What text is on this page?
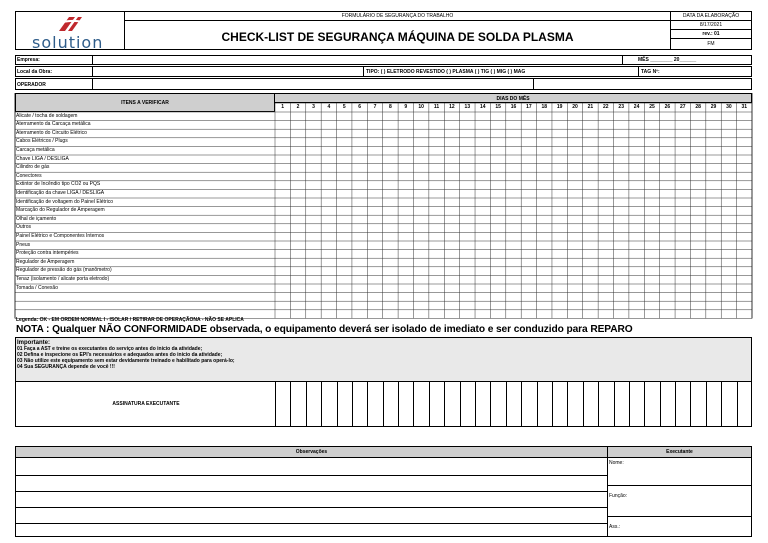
solution
FORMULÁRIO DE SEGURANÇA DO TRABALHO
CHECK-LIST DE SEGURANÇA MÁQUINA DE SOLDA PLASMA
DATA DA ELABORAÇÃO
8/17/2021
rev.: 01
FM
Empresa:	MÊS ________ 20______
Local da Obra:	TIPO: ( ) ELETRODO REVESTIDO ( ) PLASMA ( ) TIG ( ) MIG ( ) MAG	TAG Nº:
OPERADOR
ITENS A VERIFICAR
DIAS DO MÊS
1	2	3	4	5	6	7	8	9	10	11	12	13	14	15	16	17	18	19	20	21	22	23	24	25	26	27	28	29	30	31
Alicate / tocha de soldagem
Aterramento da Carcaça metálica
Aterramento do Circuito Elétrico
Cabos Elétricos / Plugs
Carcaça metálica
Chave LIGA / DESLIGA
Cilindro de gás
Conectores
Extintor de Incêndio tipo CO2 ou PQS
Identificação da chave LIGA / DESLIGA
Identificação de voltagem do Painel Elétrico
Marcação do Regulador de Amperagem
Olhal de içamento
Outros
Painel Elétrico e Componentes Internos
Pneus
Proteção contra intempéries
Regulador de Amperagem
Regulador de pressão do gás (manômetro)
Tenaz (isolamento / alicate porta eletrodo)
Tomada / Conexão
Legenda: OK - EM ORDEM NORMAL I - ISOLAR / RETIRAR DE OPERAÇÃONA - NÃO SE APLICA
NOTA : Qualquer NÃO CONFORMIDADE observada, o equipamento deverá ser isolado de imediato e ser conduzido para REPARO
Importante:
01 Faça a AST e treine os executantes do serviço antes do início da atividade;
02 Defina e inspecione os EPI's necessários e adequados antes do início da atividade;
03 Não utilize este equipamento sem estar devidamente treinado e habilitado para operá-lo;
04 Sua SEGURANÇA depende de você !!!
ASSINATURA EXECUTANTE
Observações	Executante
Nome:
Função:
Ass.:
